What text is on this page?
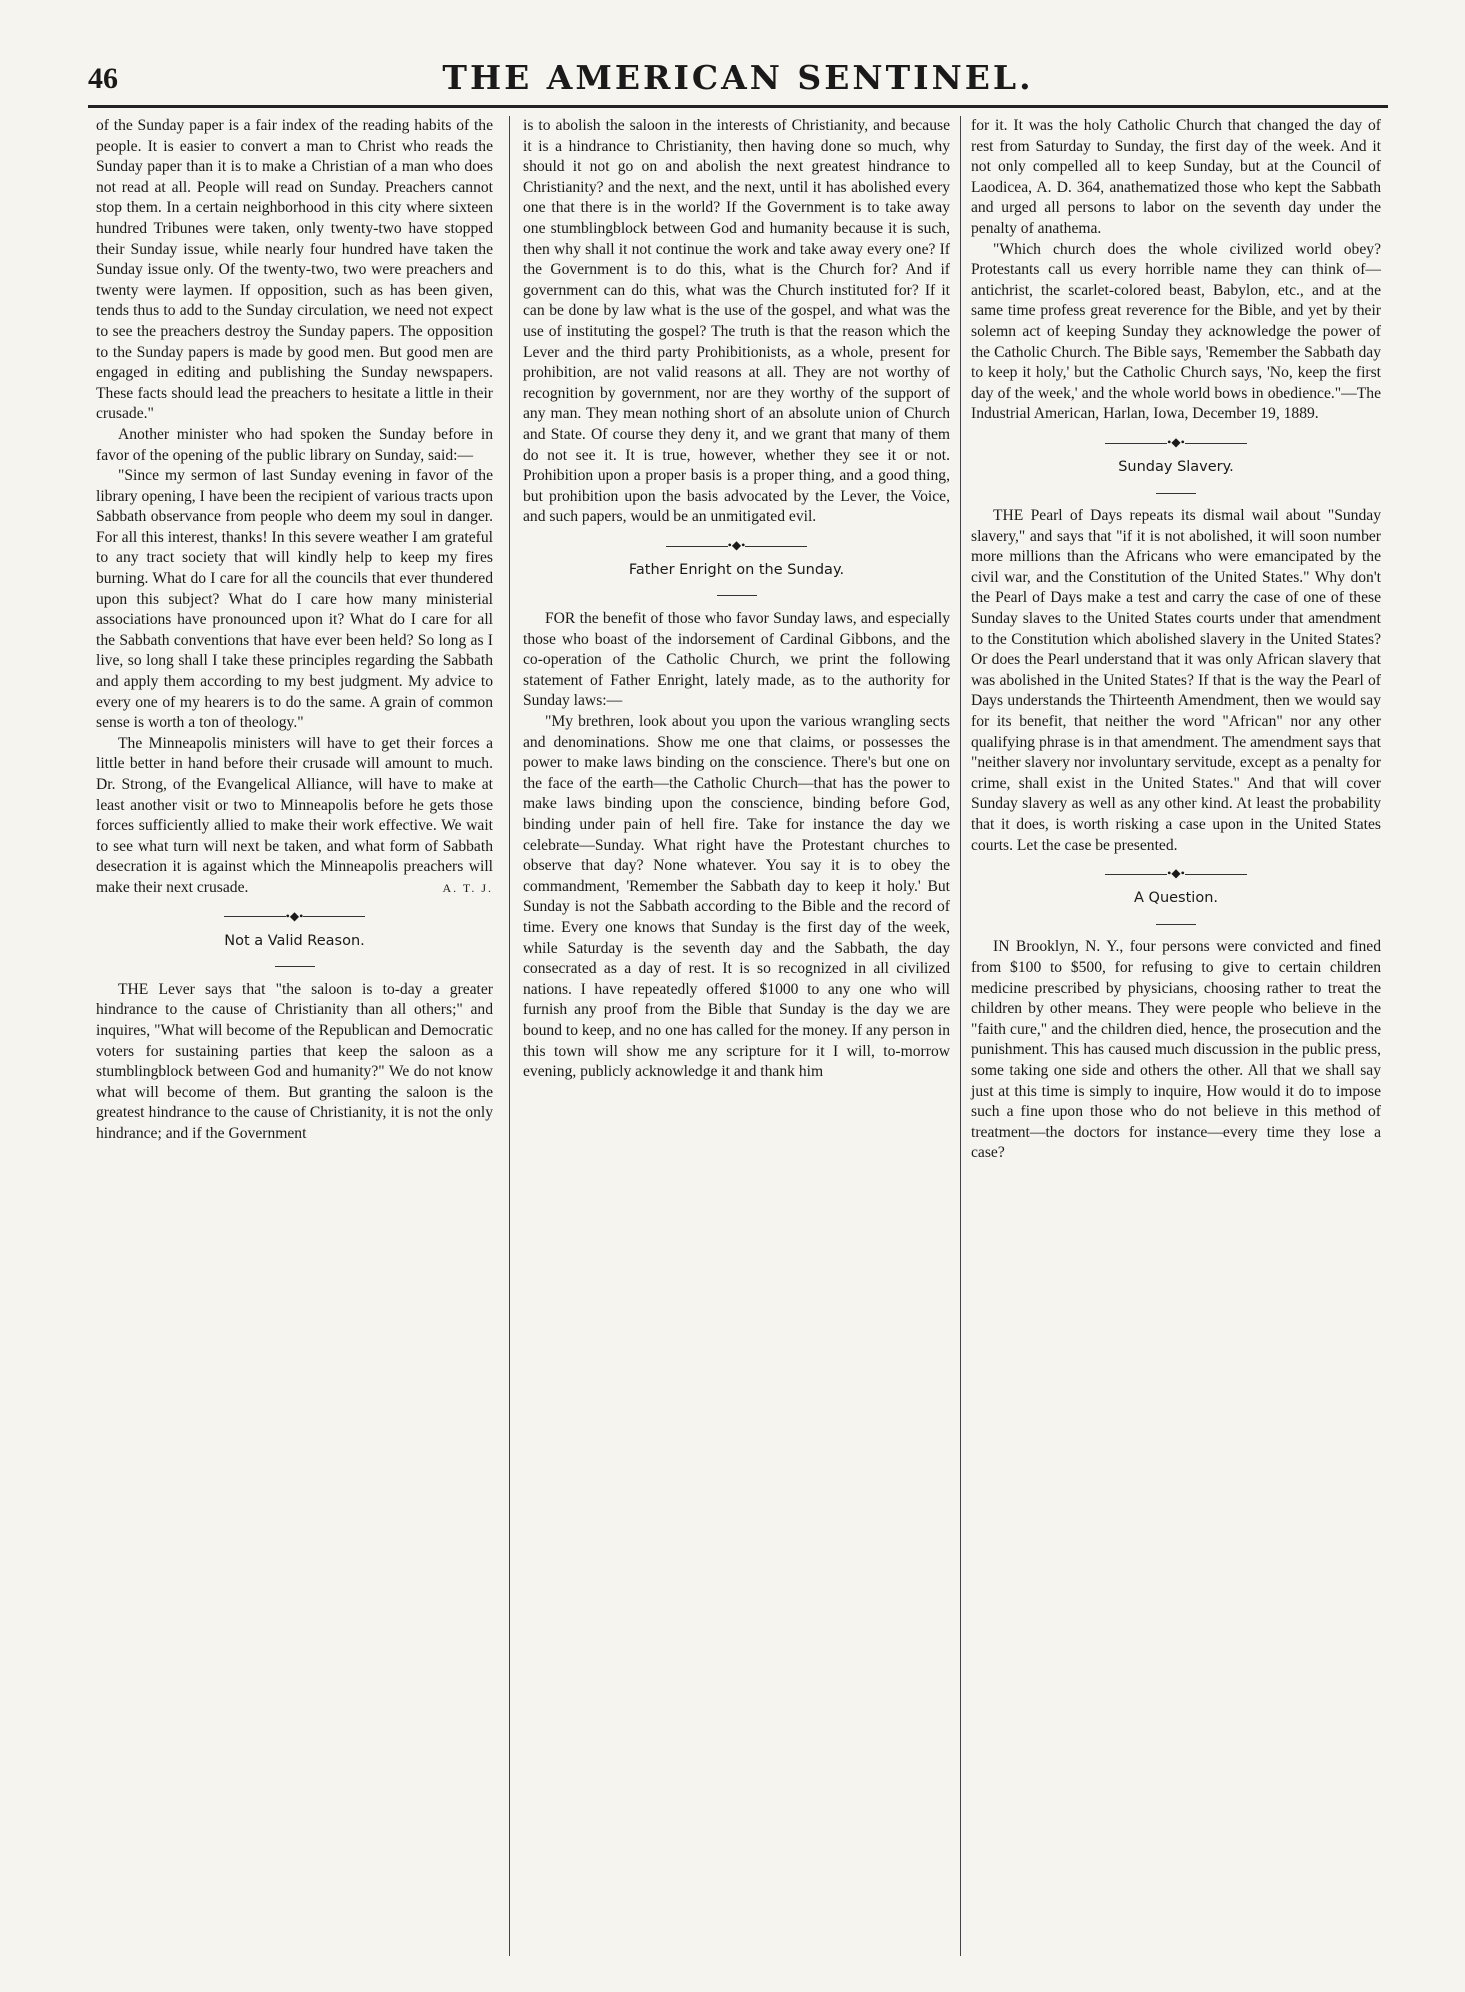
46	THE AMERICAN SENTINEL.

of the Sunday paper is a fair index of the reading habits of the people. It is easier to convert a man to Christ who reads the Sunday paper than it is to make a Christian of a man who does not read at all. People will read on Sunday. Preachers cannot stop them. In a certain neighborhood in this city where sixteen hundred Tribunes were taken, only twenty-two have stopped their Sunday issue, while nearly four hundred have taken the Sunday issue only. Of the twenty-two, two were preachers and twenty were laymen. If opposition, such as has been given, tends thus to add to the Sunday circulation, we need not expect to see the preachers destroy the Sunday papers. The opposition to the Sunday papers is made by good men. But good men are engaged in editing and publishing the Sunday newspapers. These facts should lead the preachers to hesitate a little in their crusade."

Another minister who had spoken the Sunday before in favor of the opening of the public library on Sunday, said:—

"Since my sermon of last Sunday evening in favor of the library opening, I have been the recipient of various tracts upon Sabbath observance from people who deem my soul in danger. For all this interest, thanks! In this severe weather I am grateful to any tract society that will kindly help to keep my fires burning. What do I care for all the councils that ever thundered upon this subject? What do I care how many ministerial associations have pronounced upon it? What do I care for all the Sabbath conventions that have ever been held? So long as I live, so long shall I take these principles regarding the Sabbath and apply them according to my best judgment. My advice to every one of my hearers is to do the same. A grain of common sense is worth a ton of theology."

The Minneapolis ministers will have to get their forces a little better in hand before their crusade will amount to much. Dr. Strong, of the Evangelical Alliance, will have to make at least another visit or two to Minneapolis before he gets those forces sufficiently allied to make their work effective. We wait to see what turn will next be taken, and what form of Sabbath desecration it is against which the Minneapolis preachers will make their next crusade.	A. T. J.

•◆•
Not a Valid Reason.

THE Lever says that "the saloon is to-day a greater hindrance to the cause of Christianity than all others;" and inquires, "What will become of the Republican and Democratic voters for sustaining parties that keep the saloon as a stumblingblock between God and humanity?" We do not know what will become of them. But granting the saloon is the greatest hindrance to the cause of Christianity, it is not the only hindrance; and if the Government

is to abolish the saloon in the interests of Christianity, and because it is a hindrance to Christianity, then having done so much, why should it not go on and abolish the next greatest hindrance to Christianity? and the next, and the next, until it has abolished every one that there is in the world? If the Government is to take away one stumblingblock between God and humanity because it is such, then why shall it not continue the work and take away every one? If the Government is to do this, what is the Church for? And if government can do this, what was the Church instituted for? If it can be done by law what is the use of the gospel, and what was the use of instituting the gospel? The truth is that the reason which the Lever and the third party Prohibitionists, as a whole, present for prohibition, are not valid reasons at all. They are not worthy of recognition by government, nor are they worthy of the support of any man. They mean nothing short of an absolute union of Church and State. Of course they deny it, and we grant that many of them do not see it. It is true, however, whether they see it or not. Prohibition upon a proper basis is a proper thing, and a good thing, but prohibition upon the basis advocated by the Lever, the Voice, and such papers, would be an unmitigated evil.

•◆•
Father Enright on the Sunday.

FOR the benefit of those who favor Sunday laws, and especially those who boast of the indorsement of Cardinal Gibbons, and the co-operation of the Catholic Church, we print the following statement of Father Enright, lately made, as to the authority for Sunday laws:—

"My brethren, look about you upon the various wrangling sects and denominations. Show me one that claims, or possesses the power to make laws binding on the conscience. There's but one on the face of the earth—the Catholic Church—that has the power to make laws binding upon the conscience, binding before God, binding under pain of hell fire. Take for instance the day we celebrate—Sunday. What right have the Protestant churches to observe that day? None whatever. You say it is to obey the commandment, 'Remember the Sabbath day to keep it holy.' But Sunday is not the Sabbath according to the Bible and the record of time. Every one knows that Sunday is the first day of the week, while Saturday is the seventh day and the Sabbath, the day consecrated as a day of rest. It is so recognized in all civilized nations. I have repeatedly offered $1000 to any one who will furnish any proof from the Bible that Sunday is the day we are bound to keep, and no one has called for the money. If any person in this town will show me any scripture for it I will, to-morrow evening, publicly acknowledge it and thank him

for it. It was the holy Catholic Church that changed the day of rest from Saturday to Sunday, the first day of the week. And it not only compelled all to keep Sunday, but at the Council of Laodicea, A. D. 364, anathematized those who kept the Sabbath and urged all persons to labor on the seventh day under the penalty of anathema.

"Which church does the whole civilized world obey? Protestants call us every horrible name they can think of—antichrist, the scarlet-colored beast, Babylon, etc., and at the same time profess great reverence for the Bible, and yet by their solemn act of keeping Sunday they acknowledge the power of the Catholic Church. The Bible says, 'Remember the Sabbath day to keep it holy,' but the Catholic Church says, 'No, keep the first day of the week,' and the whole world bows in obedience."—The Industrial American, Harlan, Iowa, December 19, 1889.

•◆•
Sunday Slavery.

THE Pearl of Days repeats its dismal wail about "Sunday slavery," and says that "if it is not abolished, it will soon number more millions than the Africans who were emancipated by the civil war, and the Constitution of the United States." Why don't the Pearl of Days make a test and carry the case of one of these Sunday slaves to the United States courts under that amendment to the Constitution which abolished slavery in the United States? Or does the Pearl understand that it was only African slavery that was abolished in the United States? If that is the way the Pearl of Days understands the Thirteenth Amendment, then we would say for its benefit, that neither the word "African" nor any other qualifying phrase is in that amendment. The amendment says that "neither slavery nor involuntary servitude, except as a penalty for crime, shall exist in the United States." And that will cover Sunday slavery as well as any other kind. At least the probability that it does, is worth risking a case upon in the United States courts. Let the case be presented.

•◆•
A Question.

IN Brooklyn, N. Y., four persons were convicted and fined from $100 to $500, for refusing to give to certain children medicine prescribed by physicians, choosing rather to treat the children by other means. They were people who believe in the "faith cure," and the children died, hence, the prosecution and the punishment. This has caused much discussion in the public press, some taking one side and others the other. All that we shall say just at this time is simply to inquire, How would it do to impose such a fine upon those who do not believe in this method of treatment—the doctors for instance—every time they lose a case?
